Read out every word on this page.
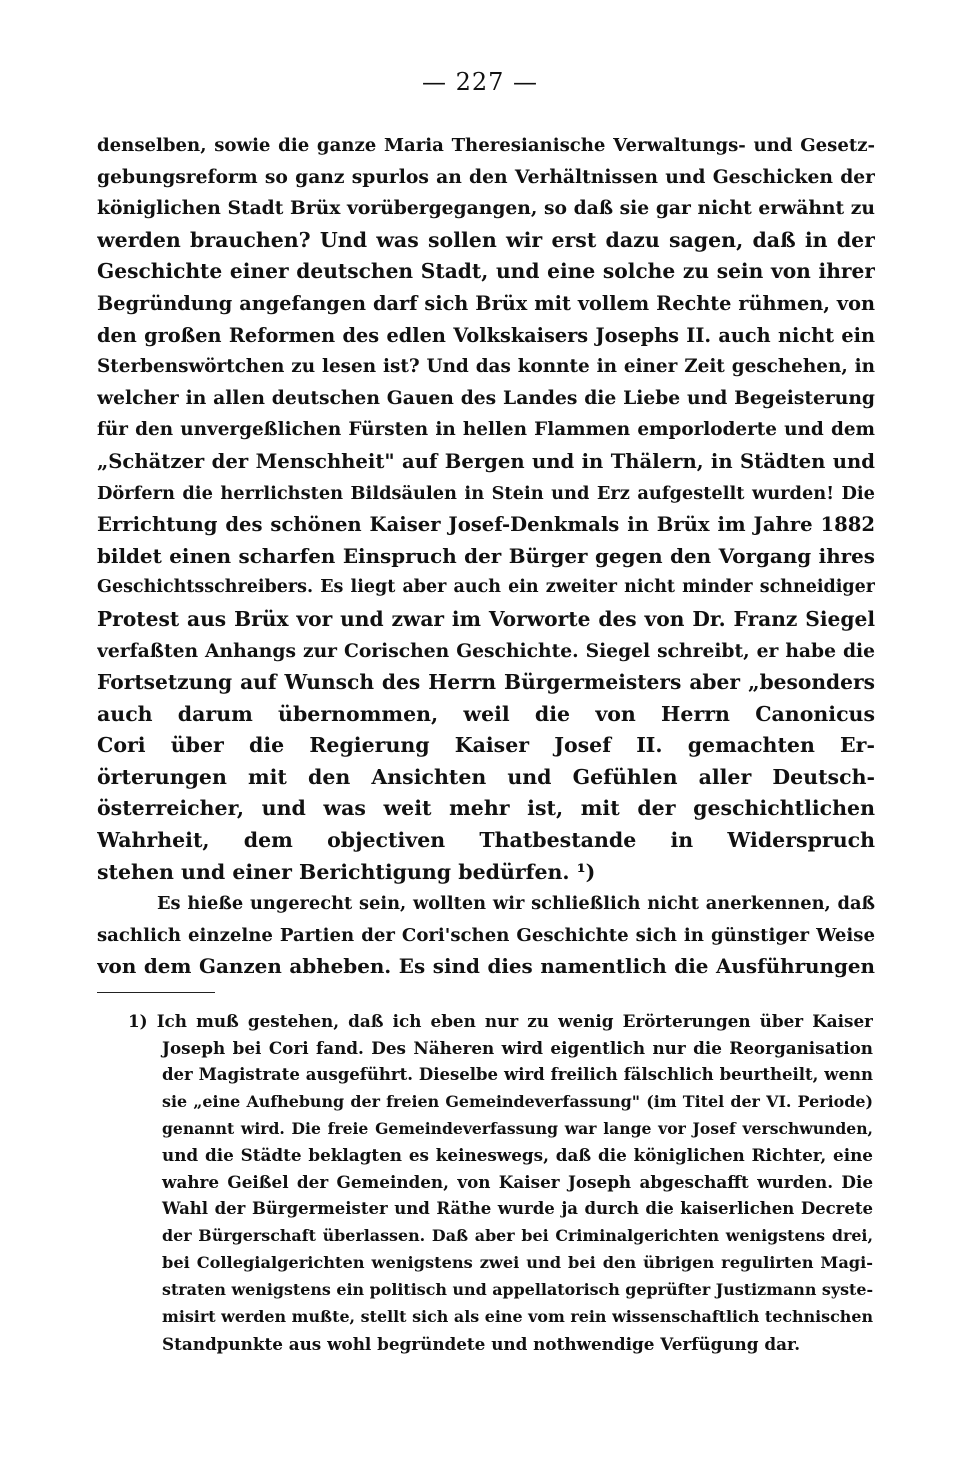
— 227 —
denselben, sowie die ganze Maria Theresianische Verwaltungs- und Gesetz-
gebungsreform so ganz spurlos an den Verhältnissen und Geschicken der
königlichen Stadt Brüx vorübergegangen, so daß sie gar nicht erwähnt zu
werden brauchen? Und was sollen wir erst dazu sagen, daß in der
Geschichte einer deutschen Stadt, und eine solche zu sein von ihrer
Begründung angefangen darf sich Brüx mit vollem Rechte rühmen, von
den großen Reformen des edlen Volkskaisers Josephs II. auch nicht ein
Sterbenswörtchen zu lesen ist? Und das konnte in einer Zeit geschehen, in
welcher in allen deutschen Gauen des Landes die Liebe und Begeisterung
für den unvergeßlichen Fürsten in hellen Flammen emporloderte und dem
„Schätzer der Menschheit" auf Bergen und in Thälern, in Städten und
Dörfern die herrlichsten Bildsäulen in Stein und Erz aufgestellt wurden! Die
Errichtung des schönen Kaiser Josef-Denkmals in Brüx im Jahre 1882
bildet einen scharfen Einspruch der Bürger gegen den Vorgang ihres
Geschichtsschreibers. Es liegt aber auch ein zweiter nicht minder schneidiger
Protest aus Brüx vor und zwar im Vorworte des von Dr. Franz Siegel
verfaßten Anhangs zur Corischen Geschichte. Siegel schreibt, er habe die
Fortsetzung auf Wunsch des Herrn Bürgermeisters aber „besonders
auch darum übernommen, weil die von Herrn Canonicus
Cori über die Regierung Kaiser Josef II. gemachten Er-
örterungen mit den Ansichten und Gefühlen aller Deutsch-
österreicher, und was weit mehr ist, mit der geschichtlichen
Wahrheit, dem objectiven Thatbestande in Widerspruch
stehen und einer Berichtigung bedürfen. ¹)
Es hieße ungerecht sein, wollten wir schließlich nicht anerkennen, daß
sachlich einzelne Partien der Cori'schen Geschichte sich in günstiger Weise
von dem Ganzen abheben. Es sind dies namentlich die Ausführungen
1) Ich muß gestehen, daß ich eben nur zu wenig Erörterungen über Kaiser
Joseph bei Cori fand. Des Näheren wird eigentlich nur die Reorganisation
der Magistrate ausgeführt. Dieselbe wird freilich fälschlich beurtheilt, wenn
sie „eine Aufhebung der freien Gemeindeverfassung" (im Titel der VI. Periode)
genannt wird. Die freie Gemeindeverfassung war lange vor Josef verschwunden,
und die Städte beklagten es keineswegs, daß die königlichen Richter, eine
wahre Geißel der Gemeinden, von Kaiser Joseph abgeschafft wurden. Die
Wahl der Bürgermeister und Räthe wurde ja durch die kaiserlichen Decrete
der Bürgerschaft überlassen. Daß aber bei Criminalgerichten wenigstens drei,
bei Collegialgerichten wenigstens zwei und bei den übrigen regulirten Magi-
straten wenigstens ein politisch und appellatorisch geprüfter Justizmann syste-
misirt werden mußte, stellt sich als eine vom rein wissenschaftlich technischen
Standpunkte aus wohl begründete und nothwendige Verfügung dar.
